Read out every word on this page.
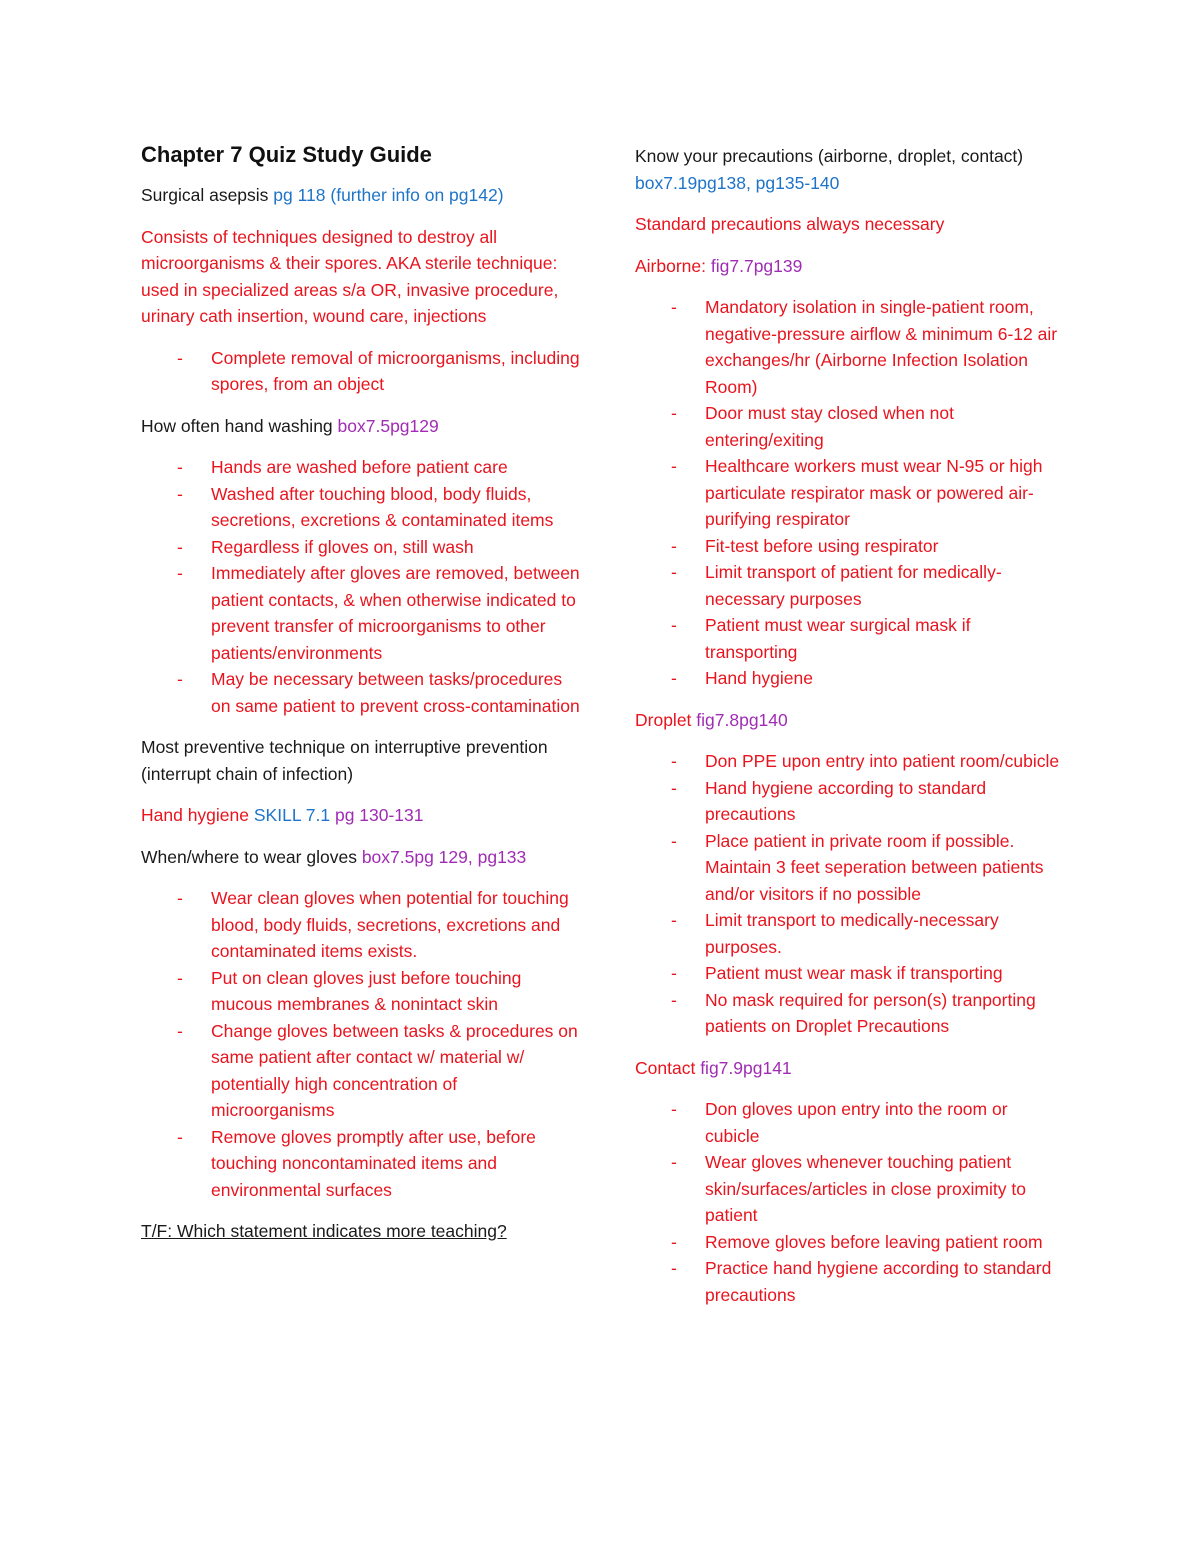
Chapter 7 Quiz Study Guide

Surgical asepsis pg 118 (further info on pg142)

Consists of techniques designed to destroy all microorganisms & their spores. AKA sterile technique: used in specialized areas s/a OR, invasive procedure, urinary cath insertion, wound care, injections

- Complete removal of microorganisms, including spores, from an object

How often hand washing box7.5pg129

- Hands are washed before patient care
- Washed after touching blood, body fluids, secretions, excretions & contaminated items
- Regardless if gloves on, still wash
- Immediately after gloves are removed, between patient contacts, & when otherwise indicated to prevent transfer of microorganisms to other patients/environments
- May be necessary between tasks/procedures on same patient to prevent cross-contamination

Most preventive technique on interruptive prevention (interrupt chain of infection)

Hand hygiene SKILL 7.1 pg 130-131

When/where to wear gloves box7.5pg 129, pg133

- Wear clean gloves when potential for touching blood, body fluids, secretions, excretions and contaminated items exists.
- Put on clean gloves just before touching mucous membranes & nonintact skin
- Change gloves between tasks & procedures on same patient after contact w/ material w/ potentially high concentration of microorganisms
- Remove gloves promptly after use, before touching noncontaminated items and environmental surfaces

T/F: Which statement indicates more teaching?

Know your precautions (airborne, droplet, contact) box7.19pg138, pg135-140

Standard precautions always necessary

Airborne: fig7.7pg139

- Mandatory isolation in single-patient room, negative-pressure airflow & minimum 6-12 air exchanges/hr (Airborne Infection Isolation Room)
- Door must stay closed when not entering/exiting
- Healthcare workers must wear N-95 or high particulate respirator mask or powered air-purifying respirator
- Fit-test before using respirator
- Limit transport of patient for medically-necessary purposes
- Patient must wear surgical mask if transporting
- Hand hygiene

Droplet fig7.8pg140

- Don PPE upon entry into patient room/cubicle
- Hand hygiene according to standard precautions
- Place patient in private room if possible. Maintain 3 feet seperation between patients and/or visitors if no possible
- Limit transport to medically-necessary purposes.
- Patient must wear mask if transporting
- No mask required for person(s) tranporting patients on Droplet Precautions

Contact fig7.9pg141

- Don gloves upon entry into the room or cubicle
- Wear gloves whenever touching patient skin/surfaces/articles in close proximity to patient
- Remove gloves before leaving patient room
- Practice hand hygiene according to standard precautions
